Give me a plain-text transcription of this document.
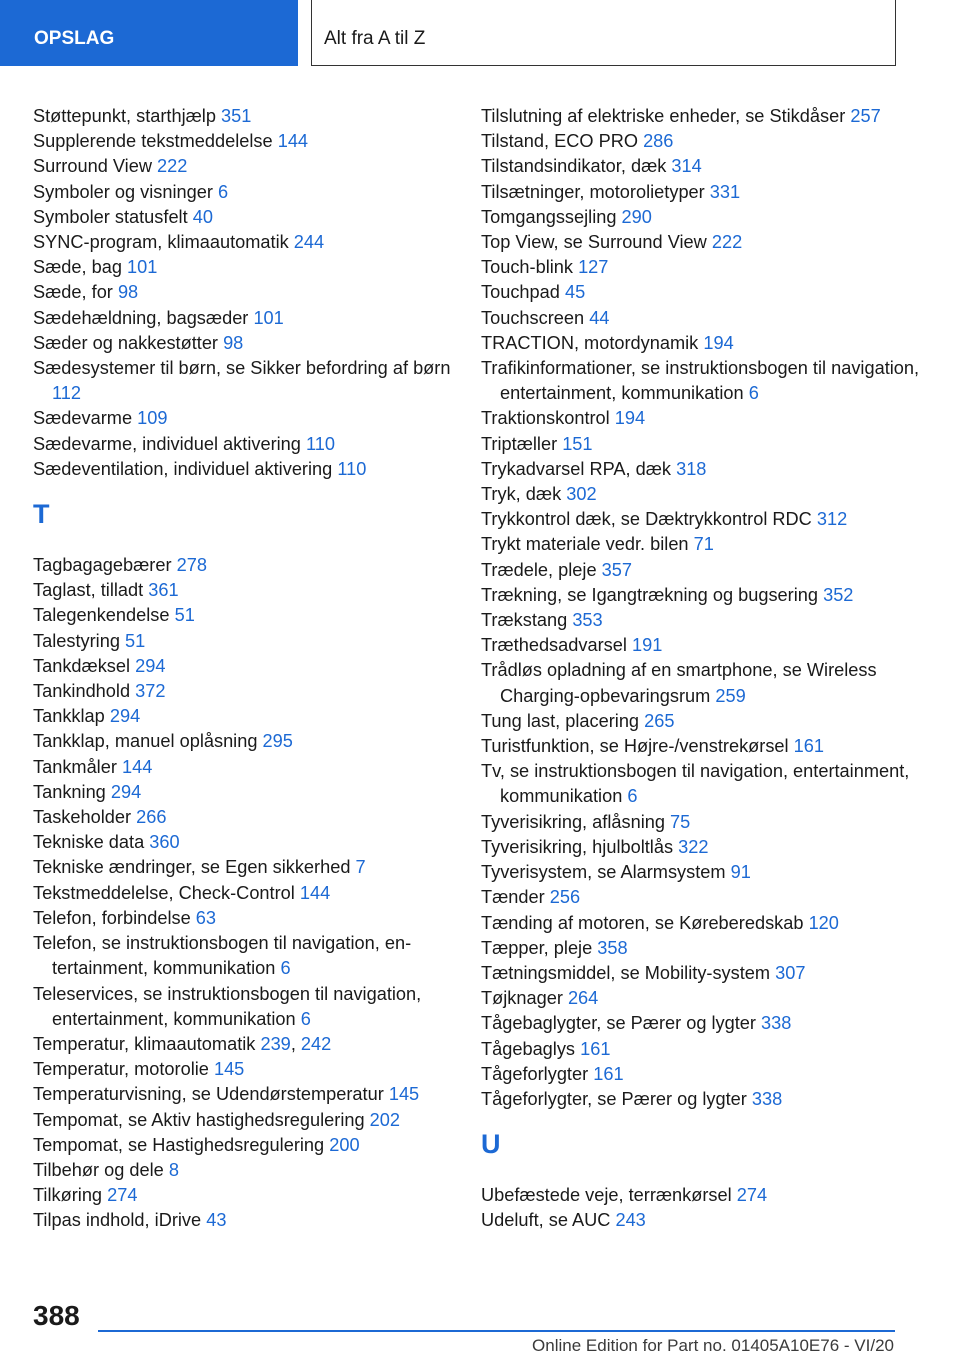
OPSLAG	Alt fra A til Z
Støttepunkt, starthjælp 351
Supplerende tekstmeddelelse 144
Surround View 222
Symboler og visninger 6
Symboler statusfelt 40
SYNC-program, klimaautomatik 244
Sæde, bag 101
Sæde, for 98
Sædehældning, bagsæder 101
Sæder og nakkestøtter 98
Sædesystemer til børn, se Sikker befordring af børn 112
Sædevarme 109
Sædevarme, individuel aktivering 110
Sædeventilation, individuel aktivering 110
T
Tagbagagebærer 278
Taglast, tilladt 361
Talegenkendelse 51
Talestyring 51
Tankdæksel 294
Tankindhold 372
Tankklap 294
Tankklap, manuel oplåsning 295
Tankmåler 144
Tankning 294
Taskeholder 266
Tekniske data 360
Tekniske ændringer, se Egen sikkerhed 7
Tekstmeddelelse, Check-Control 144
Telefon, forbindelse 63
Telefon, se instruktionsbogen til navigation, entertainment, kommunikation 6
Teleservices, se instruktionsbogen til navigation, entertainment, kommunikation 6
Temperatur, klimaautomatik 239, 242
Temperatur, motorolie 145
Temperaturvisning, se Udendørstemperatur 145
Tempomat, se Aktiv hastighedsregulering 202
Tempomat, se Hastighedsregulering 200
Tilbehør og dele 8
Tilkøring 274
Tilpas indhold, iDrive 43
Tilslutning af elektriske enheder, se Stikdåser 257
Tilstand, ECO PRO 286
Tilstandsindikator, dæk 314
Tilsætninger, motorolietyper 331
Tomgangssejling 290
Top View, se Surround View 222
Touch-blink 127
Touchpad 45
Touchscreen 44
TRACTION, motordynamik 194
Trafikinformationer, se instruktionsbogen til navigation, entertainment, kommunikation 6
Traktionskontrol 194
Triptæller 151
Trykadvarsel RPA, dæk 318
Tryk, dæk 302
Trykkontrol dæk, se Dæktrykkontrol RDC 312
Trykt materiale vedr. bilen 71
Trædele, pleje 357
Trækning, se Igangtrækning og bugsering 352
Trækstang 353
Træthedsadvarsel 191
Trådløs opladning af en smartphone, se Wireless Charging-opbevaringsrum 259
Tung last, placering 265
Turistfunktion, se Højre-/venstrekørsel 161
Tv, se instruktionsbogen til navigation, entertainment, kommunikation 6
Tyverisikring, aflåsning 75
Tyverisikring, hjulboltlås 322
Tyverisystem, se Alarmsystem 91
Tænder 256
Tænding af motoren, se Køreberedskab 120
Tæpper, pleje 358
Tætningsmiddel, se Mobility-system 307
Tøjknager 264
Tågebaglygter, se Pærer og lygter 338
Tågebaglys 161
Tågeforlygter 161
Tågeforlygter, se Pærer og lygter 338
U
Ubefæstede veje, terrænkørsel 274
Udeluft, se AUC 243
388
Online Edition for Part no. 01405A10E76 - VI/20
